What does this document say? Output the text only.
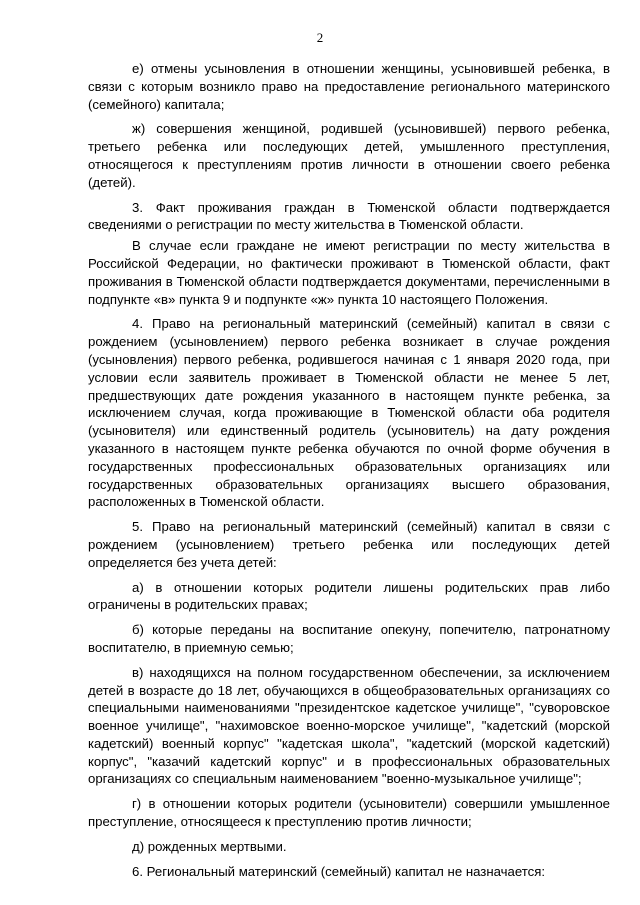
2

е) отмены усыновления в отношении женщины, усыновившей ребенка, в связи с которым возникло право на предоставление регионального материнского (семейного) капитала;

ж) совершения женщиной, родившей (усыновившей) первого ребенка, третьего ребенка или последующих детей, умышленного преступления, относящегося к преступлениям против личности в отношении своего ребенка (детей).

3. Факт проживания граждан в Тюменской области подтверждается сведениями о регистрации по месту жительства в Тюменской области.

В случае если граждане не имеют регистрации по месту жительства в Российской Федерации, но фактически проживают в Тюменской области, факт проживания в Тюменской области подтверждается документами, перечисленными в подпункте «в» пункта 9 и подпункте «ж» пункта 10 настоящего Положения.

4. Право на региональный материнский (семейный) капитал в связи с рождением (усыновлением) первого ребенка возникает в случае рождения (усыновления) первого ребенка, родившегося начиная с 1 января 2020 года, при условии если заявитель проживает в Тюменской области не менее 5 лет, предшествующих дате рождения указанного в настоящем пункте ребенка, за исключением случая, когда проживающие в Тюменской области оба родителя (усыновителя) или единственный родитель (усыновитель) на дату рождения указанного в настоящем пункте ребенка обучаются по очной форме обучения в государственных профессиональных образовательных организациях или государственных образовательных организациях высшего образования, расположенных в Тюменской области.

5. Право на региональный материнский (семейный) капитал в связи с рождением (усыновлением) третьего ребенка или последующих детей определяется без учета детей:

а) в отношении которых родители лишены родительских прав либо ограничены в родительских правах;

б) которые переданы на воспитание опекуну, попечителю, патронатному воспитателю, в приемную семью;

в) находящихся на полном государственном обеспечении, за исключением детей в возрасте до 18 лет, обучающихся в общеобразовательных организациях со специальными наименованиями "президентское кадетское училище", "суворовское военное училище", "нахимовское военно-морское училище", "кадетский (морской кадетский) военный корпус" "кадетская школа", "кадетский (морской кадетский) корпус", "казачий кадетский корпус" и в профессиональных образовательных организациях со специальным наименованием "военно-музыкальное училище";

г) в отношении которых родители (усыновители) совершили умышленное преступление, относящееся к преступлению против личности;

д) рожденных мертвыми.

6. Региональный материнский (семейный) капитал не назначается:
